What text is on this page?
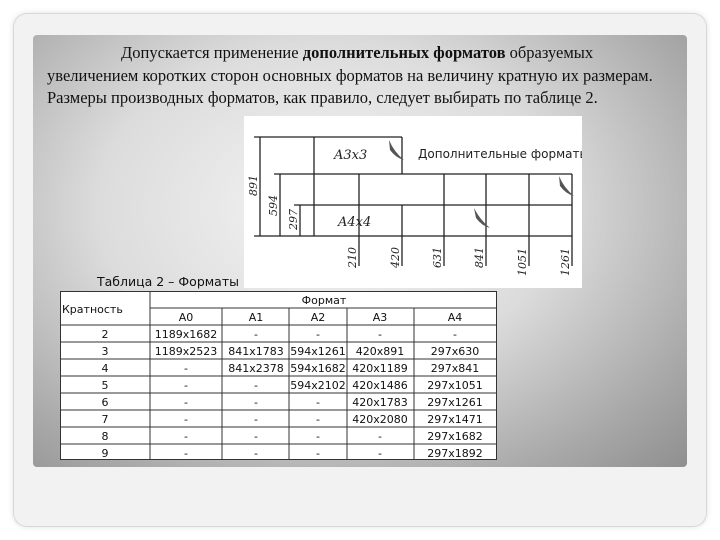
Допускается применение дополнительных форматов образуемых увеличением коротких сторон основных форматов на величину кратную их размерам. Размеры производных форматов, как правило, следует выбирать по таблице 2.

Дополнительные форматы
A3x3
A4x4
891
594
297
210	420	631	841	1051	1261
Таблица 2 – Форматы
Кратность
Формат
A0	A1	A2	A3	A4
2	1189x1682	-	-	-	-
3	1189x2523 841x1783 594x1261 420x891 297x630
4	-	841x2378 594x1682 420x1189 297x841
5	-	-	594x2102 420x1486 297x1051
6	-	-	-	420x1783 297x1261
7	-	-	-	420x2080 297x1471
8	-	-	-	-	297x1682
9	-	-	-	-	297x1892
